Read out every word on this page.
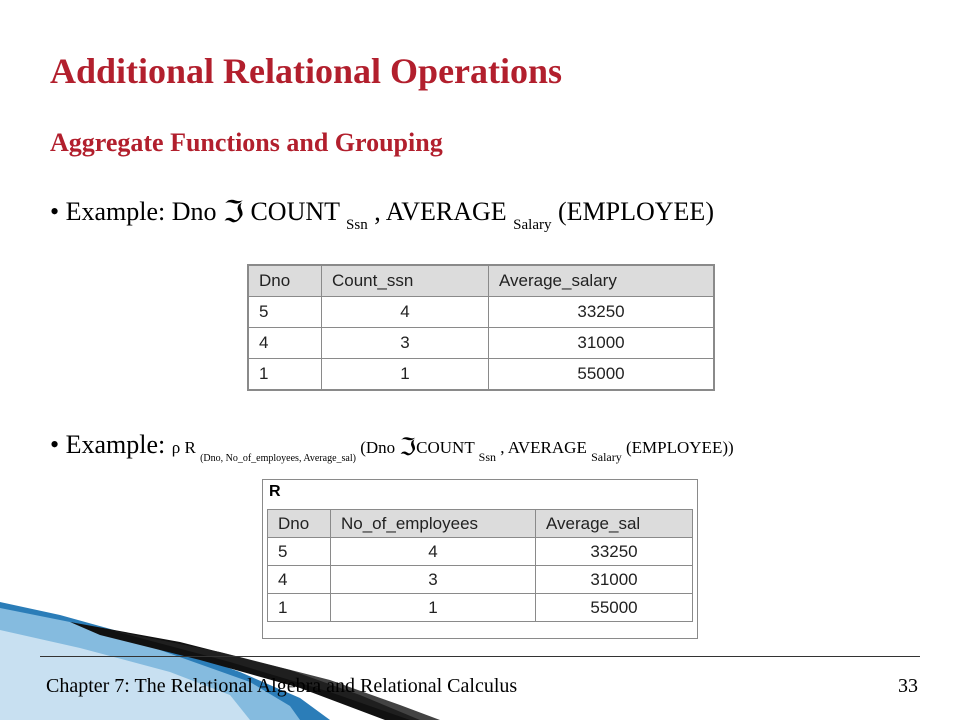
Additional Relational Operations
Aggregate Functions and Grouping
• Example: Dno ℑ COUNT $_{Ssn}$ , AVERAGE $_{Salary}$ (EMPLOYEE)
Dno	Count_ssn	Average_salary
5	4	33250
4	3	31000
1	1	55000
• Example: ρ R $_{(Dno, No\_of\_employees, Average\_sal)}$ (Dno ℑCOUNT $_{Ssn}$ , AVERAGE $_{Salary}$ (EMPLOYEE))
R
Dno	No_of_employees	Average_sal
5	4	33250
4	3	31000
1	1	55000
Chapter 7: The Relational Algebra and Relational Calculus	33
